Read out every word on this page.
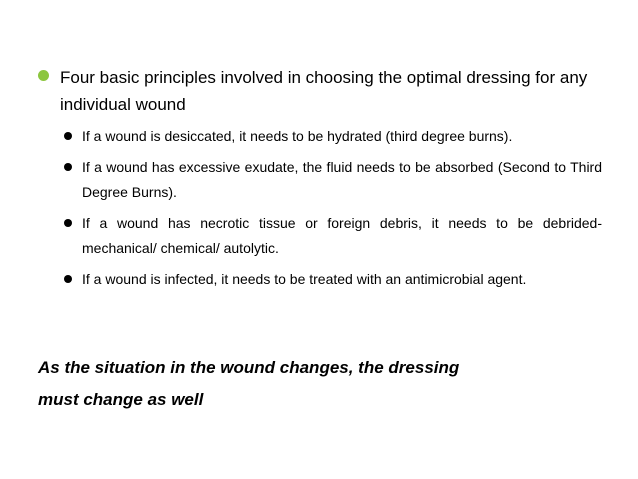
Four basic principles involved in choosing the optimal dressing for any individual wound
If a wound is desiccated, it needs to be hydrated (third degree burns).
If a wound has excessive exudate, the fluid needs to be absorbed (Second to Third Degree Burns).
If a wound has necrotic tissue or foreign debris, it needs to be debrided- mechanical/ chemical/ autolytic.
If a wound is infected, it needs to be treated with an antimicrobial agent.
As the situation in the wound changes, the dressing
must change as well
